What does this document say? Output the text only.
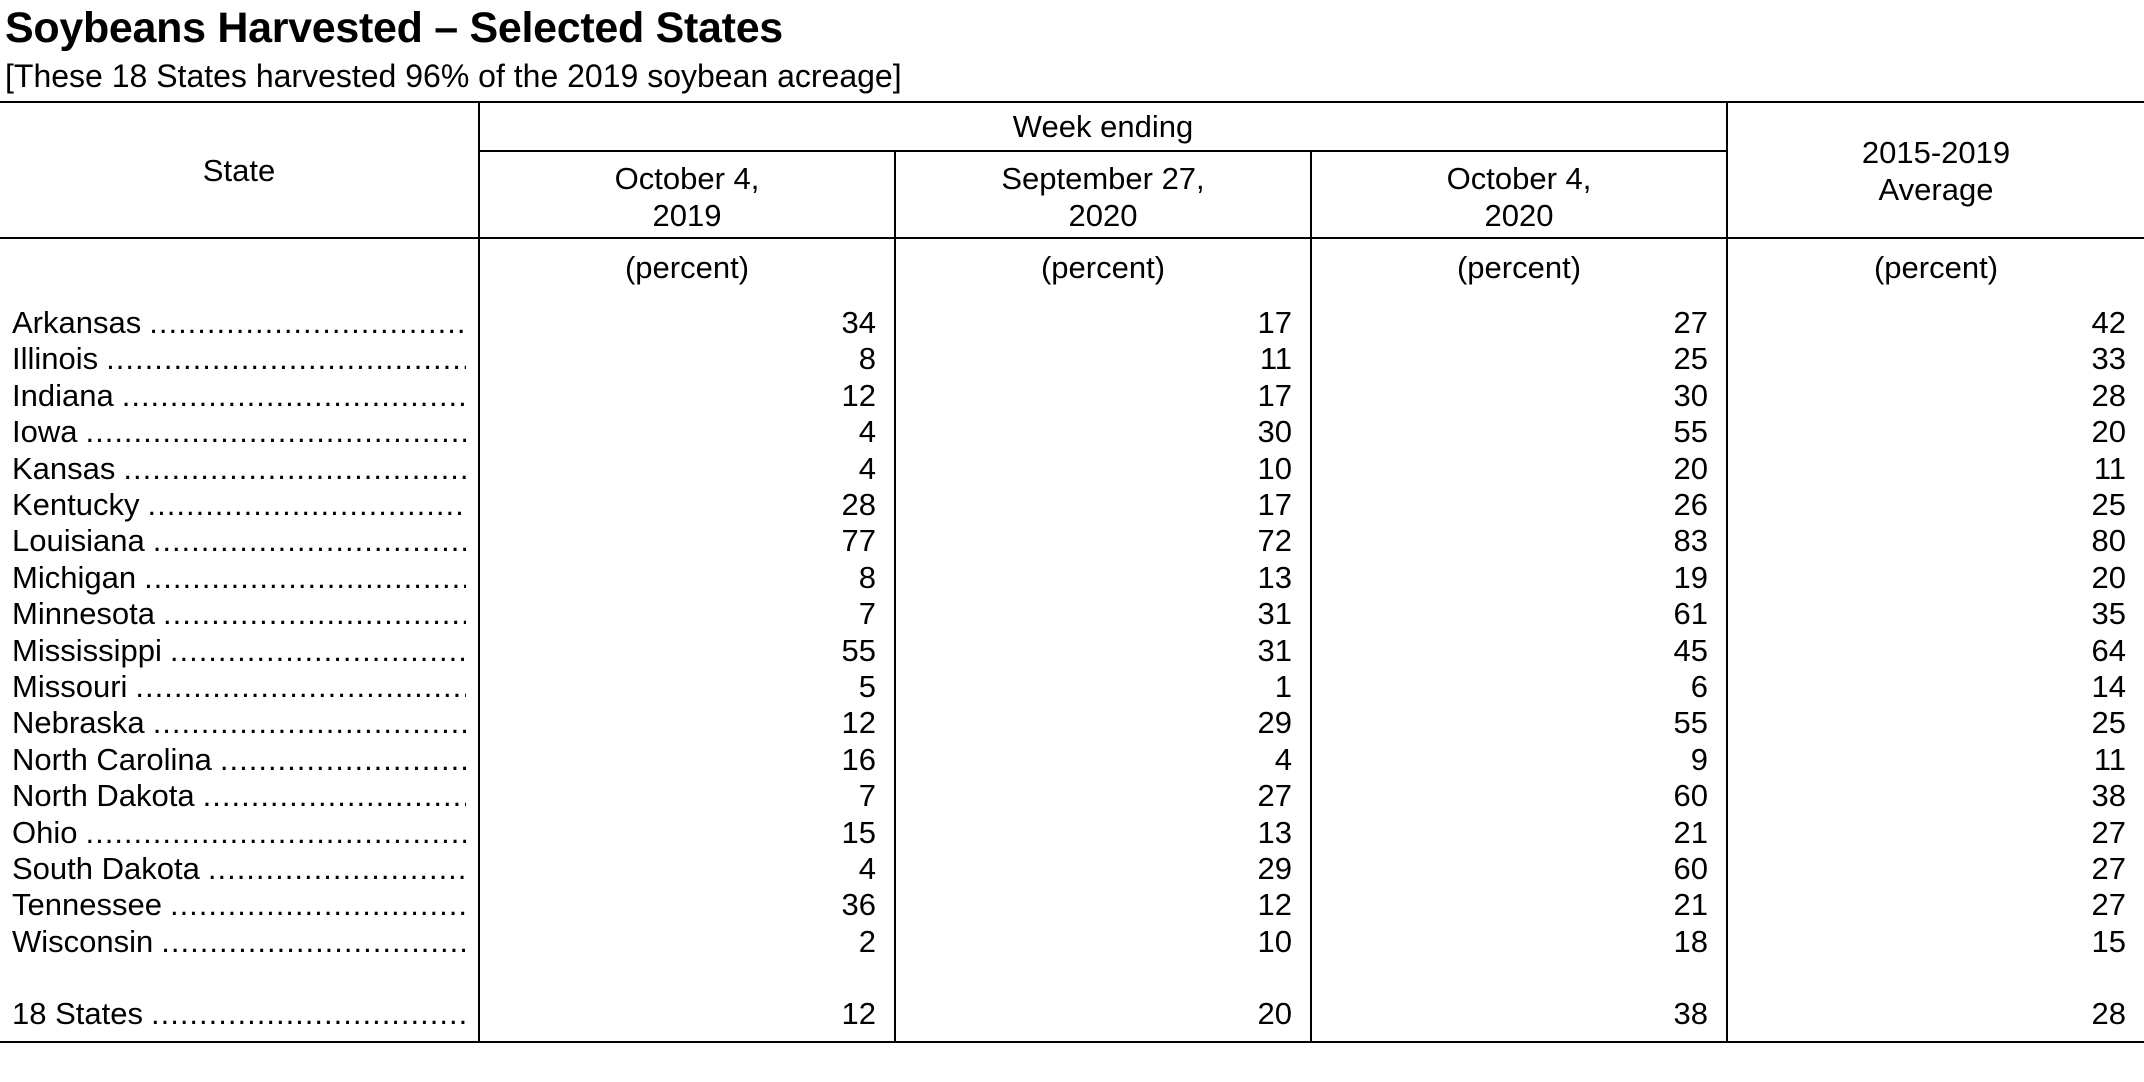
Soybeans Harvested – Selected States
[These 18 States harvested 96% of the 2019 soybean acreage]
State
Week ending
October 4,
2019
September 27,
2020
October 4,
2020
2015-2019
Average
(percent)	(percent)	(percent)	(percent)
Arkansas .....	34	17	27	42
Illinois .....	8	11	25	33
Indiana .....	12	17	30	28
Iowa .....	4	30	55	20
Kansas .....	4	10	20	11
Kentucky .....	28	17	26	25
Louisiana .....	77	72	83	80
Michigan .....	8	13	19	20
Minnesota .....	7	31	61	35
Mississippi .....	55	31	45	64
Missouri .....	5	1	6	14
Nebraska .....	12	29	55	25
North Carolina .....	16	4	9	11
North Dakota .....	7	27	60	38
Ohio .....	15	13	21	27
South Dakota .....	4	29	60	27
Tennessee .....	36	12	21	27
Wisconsin .....	2	10	18	15
18 States .....	12	20	38	28
